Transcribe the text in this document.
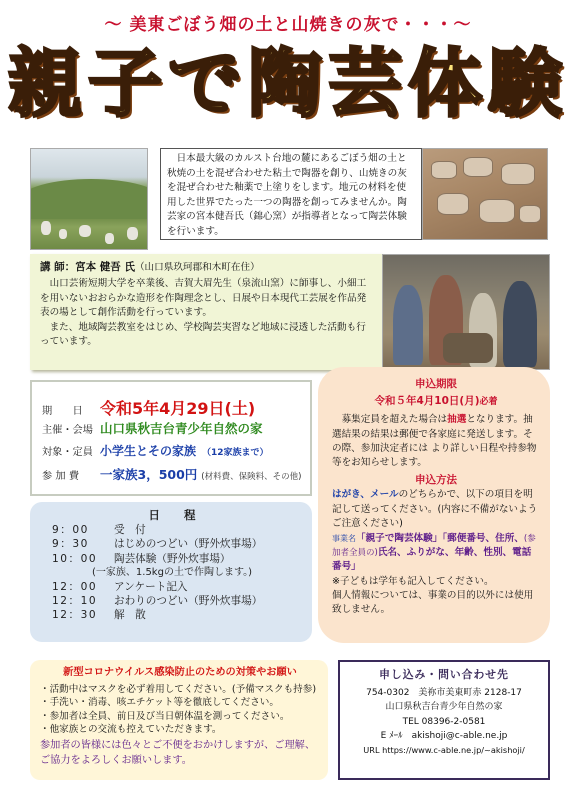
～ 美東ごぼう畑の土と山焼きの灰で・・・～
親子で陶芸体験
日本最大級のカルスト台地の麓にあるごぼう畑の土と秋焼の土を混ぜ合わせた粘土で陶器を創り、山焼きの灰を混ぜ合わせた釉薬で上塗りをします。地元の材料を使用した世界でたった一つの陶器を創ってみませんか。陶芸家の宮本健吾氏（錦心窯）が指導者となって陶芸体験を行います。
講 師：宮本 健吾 氏（山口県玖珂郡和木町在住）

山口芸術短期大学を卒業後、吉賀大眉先生（泉流山窯）に師事し、小細工を用いないおおらかな造形を作陶理念とし、日展や日本現代工芸展を作品発表の場として創作活動を行っています。

また、地域陶芸教室をはじめ、学校陶芸実習など地域に浸透した活動も行っています。

期　　日	令和5年4月29日(土)
主催・会場 山口県秋吉台青少年自然の家
対象・定員 小学生とその家族 （12家族まで）
参 加 費	一家族3，500円 (材料費、保険料、その他)
日 程
9：00	受　付
9：30	はじめのつどい（野外炊事場）
10：00	陶芸体験（野外炊事場）
(一家族、1.5kgの土で作陶します。)
12：00	アンケート記入
12：10	おわりのつどい（野外炊事場）
12：30	解　散
申込期限
令和５年4月10日(月)必着
募集定員を超えた場合は抽選となります。抽選結果の結果は郵便で各家庭に発送します。その際、参加決定者には より詳しい日程や持参物等をお知らせします。
申込方法
はがき、メールのどちらかで、以下の項目を明記して送ってください。(内容に不備がないようご注意ください)
事業名「親子で陶芸体験」「郵便番号、住所、(参加者全員の)氏名、ふりがな、年齢、性別、電話番号」
※子どもは学年も記入してください。
個人情報については、事業の目的以外には使用致しません。
新型コロナウイルス感染防止のための対策やお願い
・活動中はマスクを必ず着用してください。(予備マスクも持参)
・手洗い・消毒、咳エチケット等を徹底してください。
・参加者は全員、前日及び当日朝体温を測ってください。
・他家族との交流も控えていただきます。
参加者の皆様には色々とご不便をおかけしますが、ご理解、ご協力をよろしくお願いします。
申し込み・問い合わせ先
754-0302　美祢市美東町赤 2128-17
山口県秋吉台青少年自然の家
TEL 08396-2-0581
E ﾒｰﾙ　akishoji@c-able.ne.jp
URL https://www.c-able.ne.jp/~akishoji/
